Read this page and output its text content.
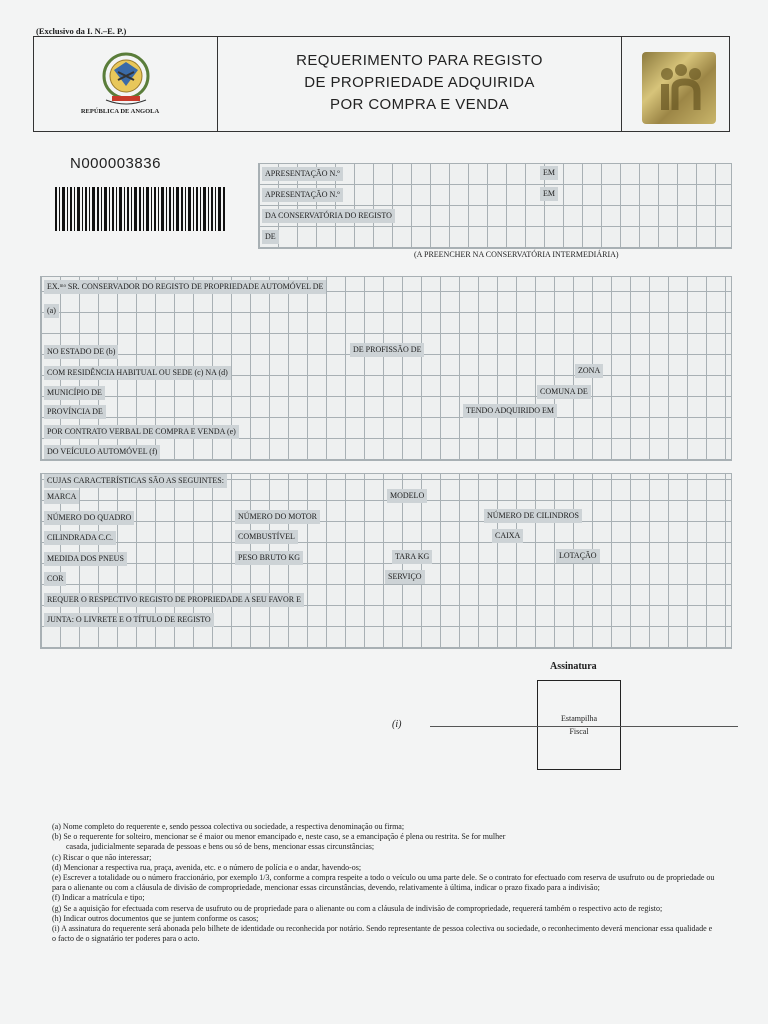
(Exclusivo da I. N.–E. P.)
REPÚBLICA DE ANGOLA
REQUERIMENTO PARA REGISTO
DE PROPRIEDADE ADQUIRIDA
POR COMPRA E VENDA
N000003836
APRESENTAÇÃO N.º	EM
APRESENTAÇÃO N.º	EM
DA CONSERVATÓRIA DO REGISTO
DE
(A PREENCHER NA CONSERVATÓRIA INTERMEDIÁRIA)
EX.ᵐᵒ SR. CONSERVADOR DO REGISTO DE PROPRIEDADE AUTOMÓVEL DE
(a)
NO ESTADO DE (b)	DE PROFISSÃO DE
COM RESIDÊNCIA HABITUAL OU SEDE (c) NA (d)	ZONA
MUNICÍPIO DE	COMUNA DE
PROVÍNCIA DE	TENDO ADQUIRIDO EM
POR CONTRATO VERBAL DE COMPRA E VENDA (e)
DO VEÍCULO AUTOMÓVEL (f)
CUJAS CARACTERÍSTICAS SÃO AS SEGUINTES:
MARCA	MODELO
NÚMERO DO QUADRO	NÚMERO DO MOTOR	NÚMERO DE CILINDROS
CILINDRADA C.C.	COMBUSTÍVEL	CAIXA
MEDIDA DOS PNEUS	PESO BRUTO KG	TARA KG	LOTAÇÃO
COR	SERVIÇO
REQUER O RESPECTIVO REGISTO DE PROPRIEDADE A SEU FAVOR E
JUNTA: O LIVRETE E O TÍTULO DE REGISTO
Assinatura
Estampilha
Fiscal
(i)

(a) Nome completo do requerente e, sendo pessoa colectiva ou sociedade, a respectiva denominação ou firma;

(b) Se o requerente for solteiro, mencionar se é maior ou menor emancipado e, neste caso, se a emancipação é plena ou restrita. Se for mulher

casada, judicialmente separada de pessoas e bens ou só de bens, mencionar essas circunstâncias;

(c) Riscar o que não interessar;

(d) Mencionar a respectiva rua, praça, avenida, etc. e o número de polícia e o andar, havendo-os;

(e) Escrever a totalidade ou o número fraccionário, por exemplo 1/3, conforme a compra respeite a todo o veículo ou uma parte dele. Se o contrato for efectuado com reserva de usufruto ou de propriedade ou para o alienante ou com a cláusula de divisão de compropriedade, mencionar essas circunstâncias, devendo, relativamente à última, indicar o prazo fixado para a indivisão;

(f) Indicar a matrícula e tipo;

(g) Se a aquisição for efectuada com reserva de usufruto ou de propriedade para o alienante ou com a cláusula de indivisão de compropriedade, requererá também o respectivo acto de registo;

(h) Indicar outros documentos que se juntem conforme os casos;

(i) A assinatura do requerente será abonada pelo bilhete de identidade ou reconhecida por notário. Sendo representante de pessoa colectiva ou sociedade, o reconhecimento deverá mencionar essa qualidade e o facto de o signatário ter poderes para o acto.
